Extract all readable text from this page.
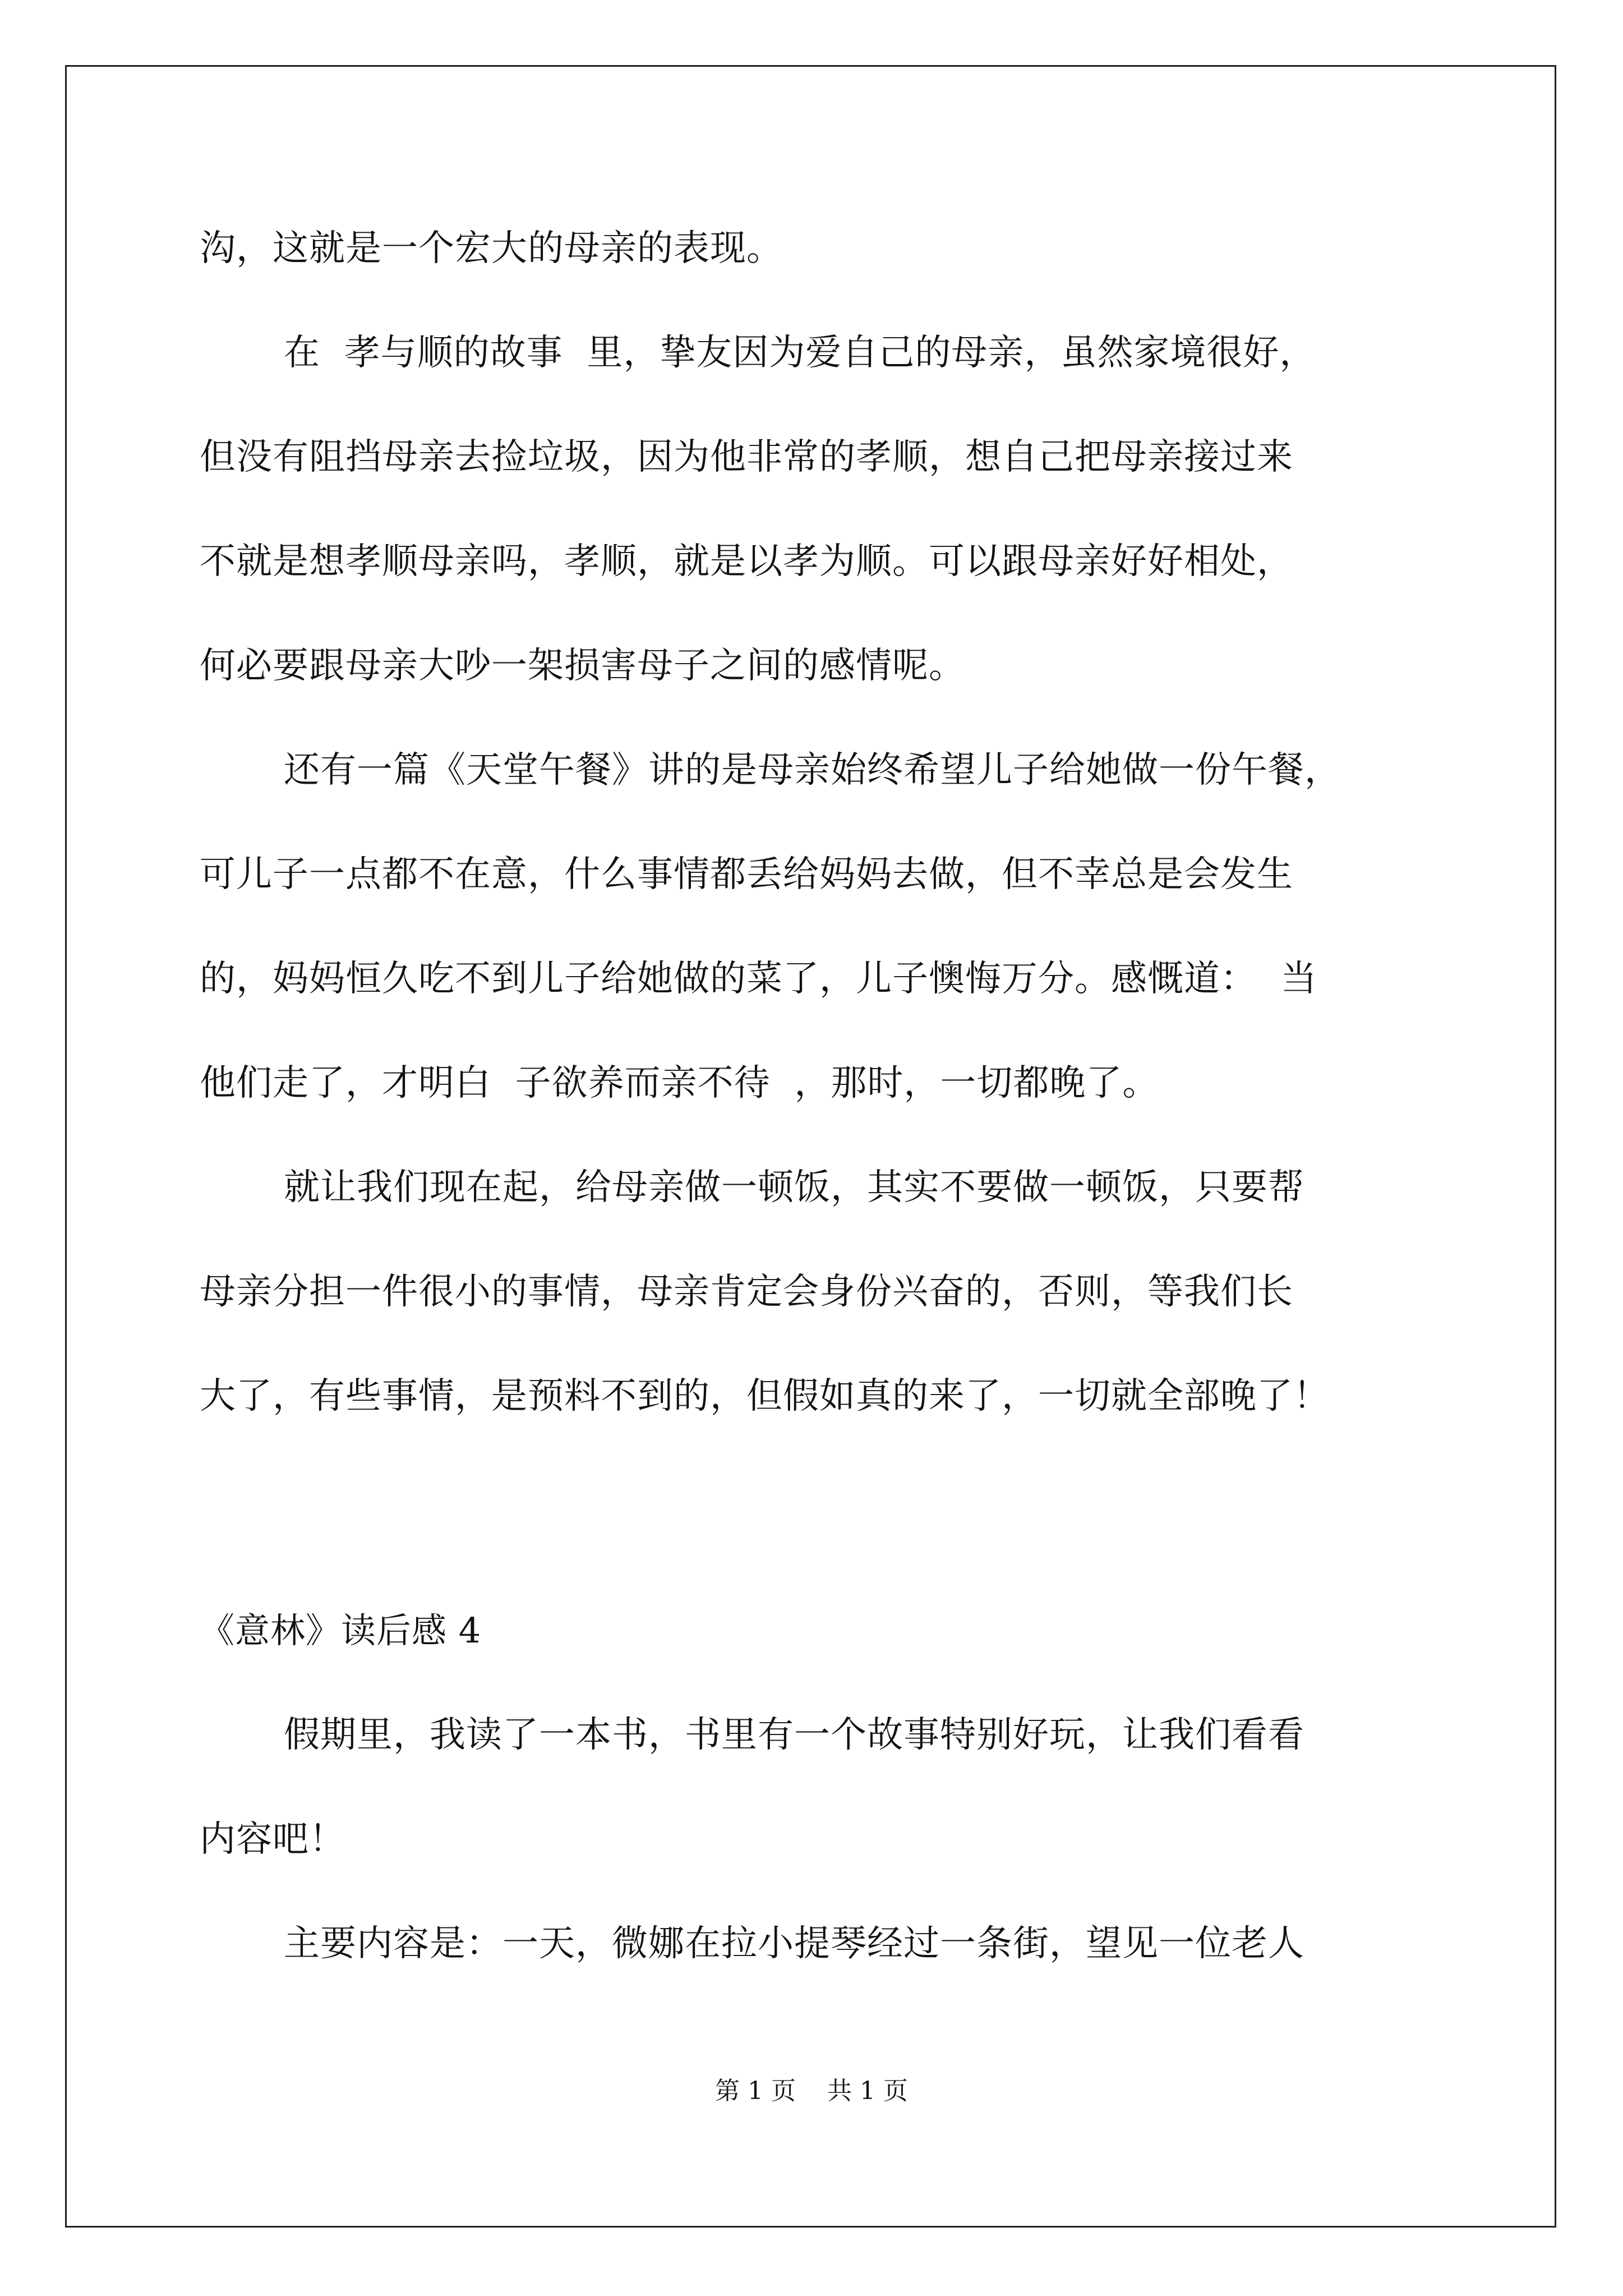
沟，这就是一个宏大的母亲的表现。
在  孝与顺的故事  里，挚友因为爱自己的母亲，虽然家境很好，
但没有阻挡母亲去捡垃圾，因为他非常的孝顺，想自己把母亲接过来
不就是想孝顺母亲吗，孝顺，就是以孝为顺。可以跟母亲好好相处，
何必要跟母亲大吵一架损害母子之间的感情呢。
还有一篇《天堂午餐》讲的是母亲始终希望儿子给她做一份午餐，
可儿子一点都不在意，什么事情都丢给妈妈去做，但不幸总是会发生
的，妈妈恒久吃不到儿子给她做的菜了，儿子懊悔万分。感慨道：  当
他们走了，才明白  子欲养而亲不待  ，那时，一切都晚了。
就让我们现在起，给母亲做一顿饭，其实不要做一顿饭，只要帮
母亲分担一件很小的事情，母亲肯定会身份兴奋的，否则，等我们长
大了，有些事情，是预料不到的，但假如真的来了，一切就全部晚了！
《意林》读后感 4
假期里，我读了一本书，书里有一个故事特别好玩，让我们看看
内容吧！
主要内容是：一天，微娜在拉小提琴经过一条街，望见一位老人
第 1 页    共 1 页
